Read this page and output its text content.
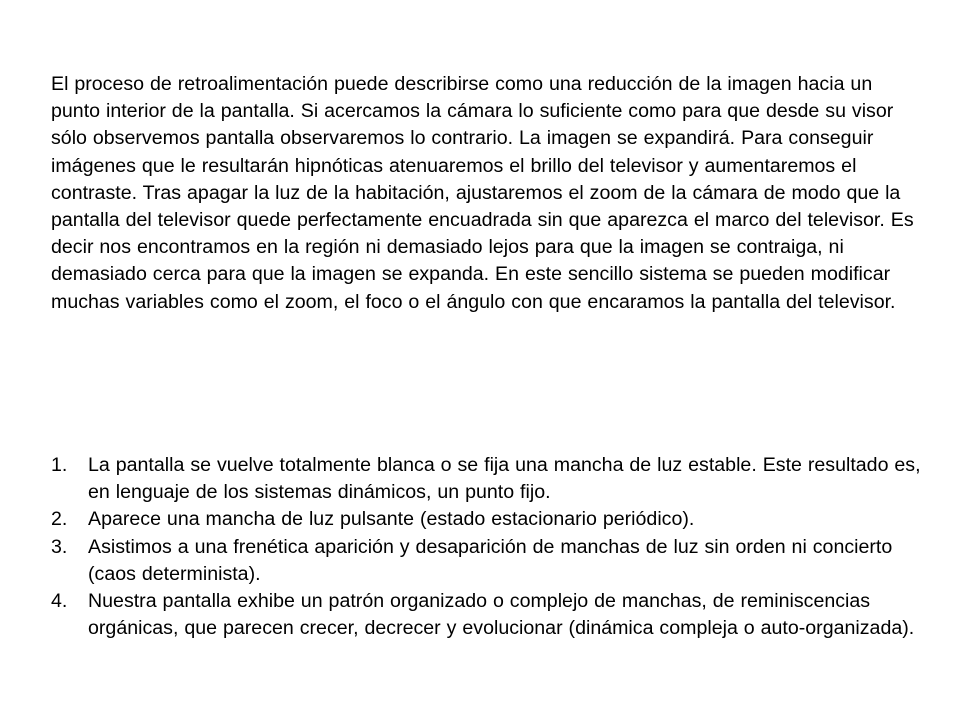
El proceso de retroalimentación puede describirse como una reducción de la imagen hacia un punto interior de la pantalla. Si acercamos la cámara lo suficiente como para que desde su visor sólo observemos pantalla observaremos lo contrario. La imagen se expandirá. Para conseguir imágenes que le resultarán hipnóticas atenuaremos el brillo del televisor y aumentaremos el contraste. Tras apagar la luz de la habitación, ajustaremos el zoom de la cámara de modo que la pantalla del televisor quede perfectamente encuadrada sin que aparezca el marco del televisor. Es decir nos encontramos en la región ni demasiado lejos para que la imagen se contraiga, ni demasiado cerca para que la imagen se expanda. En este sencillo sistema se pueden modificar muchas variables como el zoom, el foco o el ángulo con que encaramos la pantalla del televisor.

1. La pantalla se vuelve totalmente blanca o se fija una mancha de luz estable. Este resultado es, en lenguaje de los sistemas dinámicos, un punto fijo.
2. Aparece una mancha de luz pulsante (estado estacionario periódico).
3. Asistimos a una frenética aparición y desaparición de manchas de luz sin orden ni concierto (caos determinista).
4. Nuestra pantalla exhibe un patrón organizado o complejo de manchas, de reminiscencias orgánicas, que parecen crecer, decrecer y evolucionar (dinámica compleja o auto-organizada).
